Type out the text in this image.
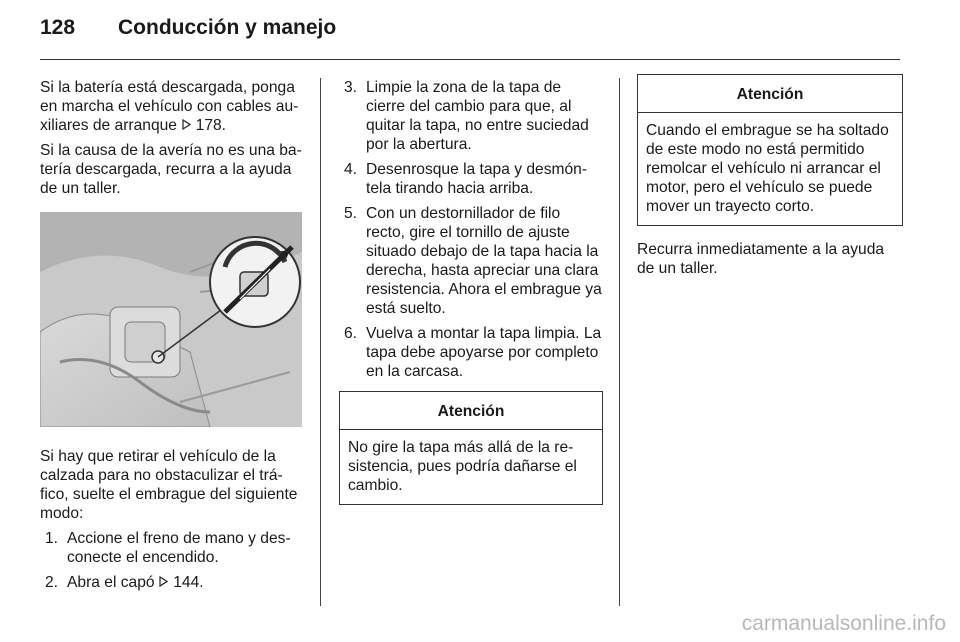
128 Conducción y manejo

Si la batería está descargada, ponga en marcha el vehículo con cables auxiliares de arranque 178.

Si la causa de la avería no es una batería descargada, recurra a la ayuda de un taller.

Si hay que retirar el vehículo de la calzada para no obstaculizar el tráfico, suelte el embrague del siguiente modo:

1. Accione el freno de mano y desconecte el encendido.
2. Abra el capó 144.
3. Limpie la zona de la tapa de cierre del cambio para que, al quitar la tapa, no entre suciedad por la abertura.
4. Desenrosque la tapa y desmóntela tirando hacia arriba.
5. Con un destornillador de filo recto, gire el tornillo de ajuste situado debajo de la tapa hacia la derecha, hasta apreciar una clara resistencia. Ahora el embrague ya está suelto.
6. Vuelva a montar la tapa limpia. La tapa debe apoyarse por completo en la carcasa.
Atención
No gire la tapa más allá de la resistencia, pues podría dañarse el cambio.
Atención
Cuando el embrague se ha soltado de este modo no está permitido remolcar el vehículo ni arrancar el motor, pero el vehículo se puede mover un trayecto corto.

Recurra inmediatamente a la ayuda de un taller.

carmanualsonline.info
